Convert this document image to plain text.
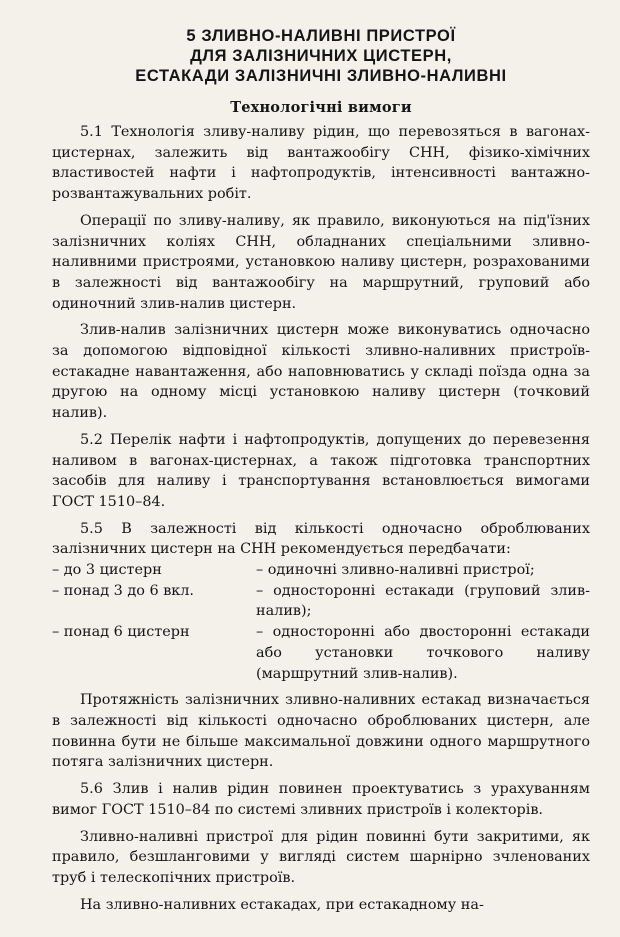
5 ЗЛИВНО-НАЛИВНІ ПРИСТРОЇ
ДЛЯ ЗАЛІЗНИЧНИХ ЦИСТЕРН,
ЕСТАКАДИ ЗАЛІЗНИЧНІ ЗЛИВНО-НАЛИВНІ
Технологічні вимоги

5.1 Технологія зливу-наливу рідин, що перевозяться в вагонах-цистернах, залежить від вантажообігу СНН, фізико-хімічних властивостей нафти і нафтопродуктів, інтенсивності вантажно-розвантажувальних робіт.

Операції по зливу-наливу, як правило, виконуються на під'їзних залізничних коліях СНН, обладнаних спеціальними зливно-наливними пристроями, установкою наливу цистерн, розрахованими в залежності від вантажообігу на маршрутний, груповий або одиночний злив-налив цистерн.

Злив-налив залізничних цистерн може виконуватись одночасно за допомогою відповідної кількості зливно-наливних пристроїв-естакадне навантаження, або наповнюватись у складі поїзда одна за другою на одному місці установкою наливу цистерн (точковий налив).

5.2 Перелік нафти і нафтопродуктів, допущених до перевезення наливом в вагонах-цистернах, а також підготовка транспортних засобів для наливу і транспортування встановлюється вимогами ГОСТ 1510–84.

5.5 В залежності від кількості одночасно оброблюваних залізничних цистерн на СНН рекомендується передбачати:

– до 3 цистерн	– одиночні зливно-наливні пристрої;
– понад 3 до 6 вкл.	– односторонні естакади (груповий злив-налив);
– понад 6 цистерн	– односторонні або двосторонні естакади або установки точкового наливу (маршрутний злив-налив).

Протяжність залізничних зливно-наливних естакад визначається в залежності від кількості одночасно оброблюваних цистерн, але повинна бути не більше максимальної довжини одного маршрутного потяга залізничних цистерн.

5.6 Злив і налив рідин повинен проектуватись з урахуванням вимог ГОСТ 1510–84 по системі зливних пристроїв і колекторів.

Зливно-наливні пристрої для рідин повинні бути закритими, як правило, безшланговими у вигляді систем шарнірно зчленованих труб і телескопічних пристроїв.

На зливно-наливних естакадах, при естакадному на-
